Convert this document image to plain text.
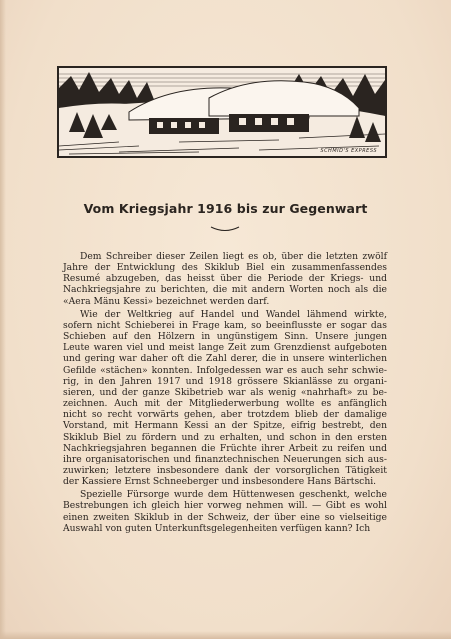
SCHMID'S EXPRESS
Vom Kriegsjahr 1916 bis zur Gegenwart

Dem Schreiber dieser Zeilen liegt es ob, über die letzten zwölf
Jahre der Entwicklung des Skiklub Biel ein zusammenfassendes
Resumé abzugeben, das heisst über die Periode der Kriegs- und
Nachkriegsjahre zu berichten, die mit andern Worten noch als die
«Aera Mänu Kessi» bezeichnet werden darf.

Wie der Weltkrieg auf Handel und Wandel lähmend wirkte,
sofern nicht Schieberei in Frage kam, so beeinflusste er sogar das
Schieben auf den Hölzern in ungünstigem Sinn. Unsere jungen
Leute waren viel und meist lange Zeit zum Grenzdienst aufgeboten
und gering war daher oft die Zahl derer, die in unsere winterlichen
Gefilde «stächen» konnten. Infolgedessen war es auch sehr schwie-
rig, in den Jahren 1917 und 1918 grössere Skianlässe zu organi-
sieren, und der ganze Skibetrieb war als wenig «nahrhaft» zu be-
zeichnen. Auch mit der Mitgliederwerbung wollte es anfänglich
nicht so recht vorwärts gehen, aber trotzdem blieb der damalige
Vorstand, mit Hermann Kessi an der Spitze, eifrig bestrebt, den
Skiklub Biel zu fördern und zu erhalten, und schon in den ersten
Nachkriegsjahren begannen die Früchte ihrer Arbeit zu reifen und
ihre organisatorischen und finanztechnischen Neuerungen sich aus-
zuwirken; letztere insbesondere dank der vorsorglichen Tätigkeit
der Kassiere Ernst Schneeberger und insbesondere Hans Bärtschi.

Spezielle Fürsorge wurde dem Hüttenwesen geschenkt, welche
Bestrebungen ich gleich hier vorweg nehmen will. — Gibt es wohl
einen zweiten Skiklub in der Schweiz, der über eine so vielseitige
Auswahl von guten Unterkunftsgelegenheiten verfügen kann? Ich
